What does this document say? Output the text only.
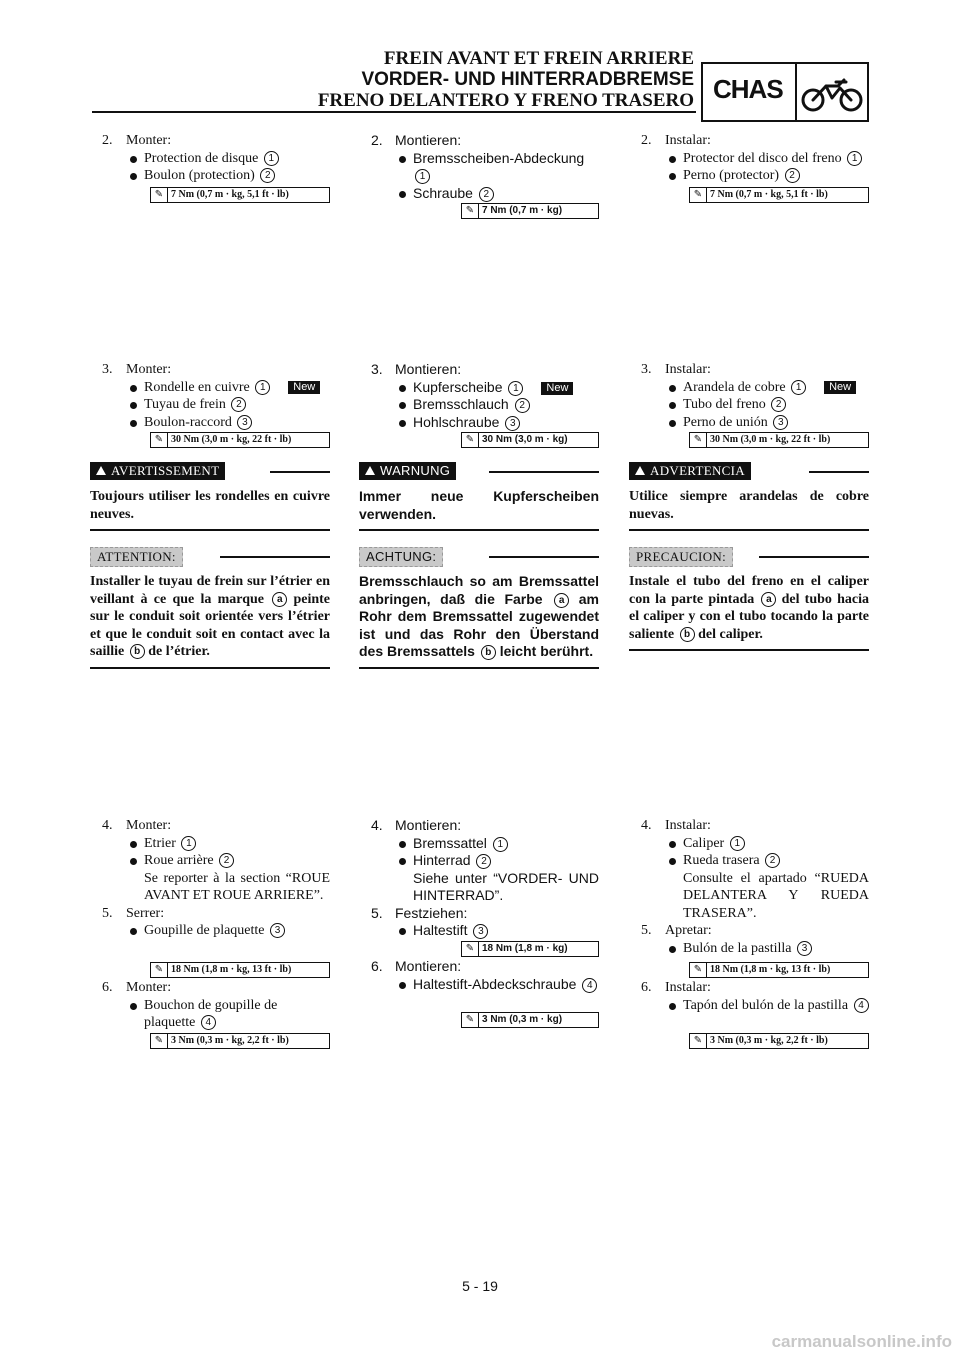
FREIN AVANT ET FREIN ARRIERE
VORDER- UND HINTERRADBREMSE
FRENO DELANTERO Y FRENO TRASERO CHAS
2. Monter:
Protection de disque 1
Boulon (protection) 2
✎ 7 Nm (0,7 m · kg, 5,1 ft · lb)
3. Monter:
Rondelle en cuivre 1	New
Tuyau de frein 2
Boulon-raccord 3
✎ 30 Nm (3,0 m · kg, 22 ft · lb)
AVERTISSEMENT
Toujours utiliser les rondelles en cuivre neuves.
ATTENTION:
Installer le tuyau de frein sur l’étrier en veillant à ce que la marque a peinte sur le conduit soit orientée vers l’étrier et que le conduit soit en contact avec la saillie b de l’étrier.
4. Monter:
Etrier 1
Roue arrière 2
Se reporter à la section “ROUE AVANT ET ROUE ARRIERE”.
5. Serrer:
Goupille de plaquette 3
✎ 18 Nm (1,8 m · kg, 13 ft · lb)
6. Monter:
Bouchon de goupille de plaquette 4
✎ 3 Nm (0,3 m · kg, 2,2 ft · lb)
2. Montieren:
Bremsscheiben-Abdeckung 1
Schraube 2
✎ 7 Nm (0,7 m · kg)
3. Montieren:
Kupferscheibe 1	New
Bremsschlauch 2
Hohlschraube 3
✎ 30 Nm (3,0 m · kg)
WARNUNG
Immer neue Kupferscheiben verwenden.
ACHTUNG:
Bremsschlauch so am Bremssattel anbringen, daß die Farbe a am Rohr dem Bremssattel zugewendet ist und das Rohr den Überstand des Bremssattels b leicht berührt.
4. Montieren:
Bremssattel 1
Hinterrad 2
Siehe unter “VORDER- UND HINTERRAD”.
5. Festziehen:
Haltestift 3
✎ 18 Nm (1,8 m · kg)
6. Montieren:
Haltestift-Abdeckschraube 4
✎ 3 Nm (0,3 m · kg)
2. Instalar:
Protector del disco del freno 1
Perno (protector) 2
✎ 7 Nm (0,7 m · kg, 5,1 ft · lb)
3. Instalar:
Arandela de cobre 1	New
Tubo del freno 2
Perno de unión 3
✎ 30 Nm (3,0 m · kg, 22 ft · lb)
ADVERTENCIA
Utilice siempre arandelas de cobre nuevas.
PRECAUCION:
Instale el tubo del freno en el caliper con la parte pintada a del tubo hacia el caliper y con el tubo tocando la parte saliente b del caliper.
4. Instalar:
Caliper 1
Rueda trasera 2
Consulte el apartado “RUEDA DELANTERA Y RUEDA TRASERA”.
5. Apretar:
Bulón de la pastilla 3
✎ 18 Nm (1,8 m · kg, 13 ft · lb)
6. Instalar:
Tapón del bulón de la pastilla 4
✎ 3 Nm (0,3 m · kg, 2,2 ft · lb)
5 - 19
carmanualsonline.info
